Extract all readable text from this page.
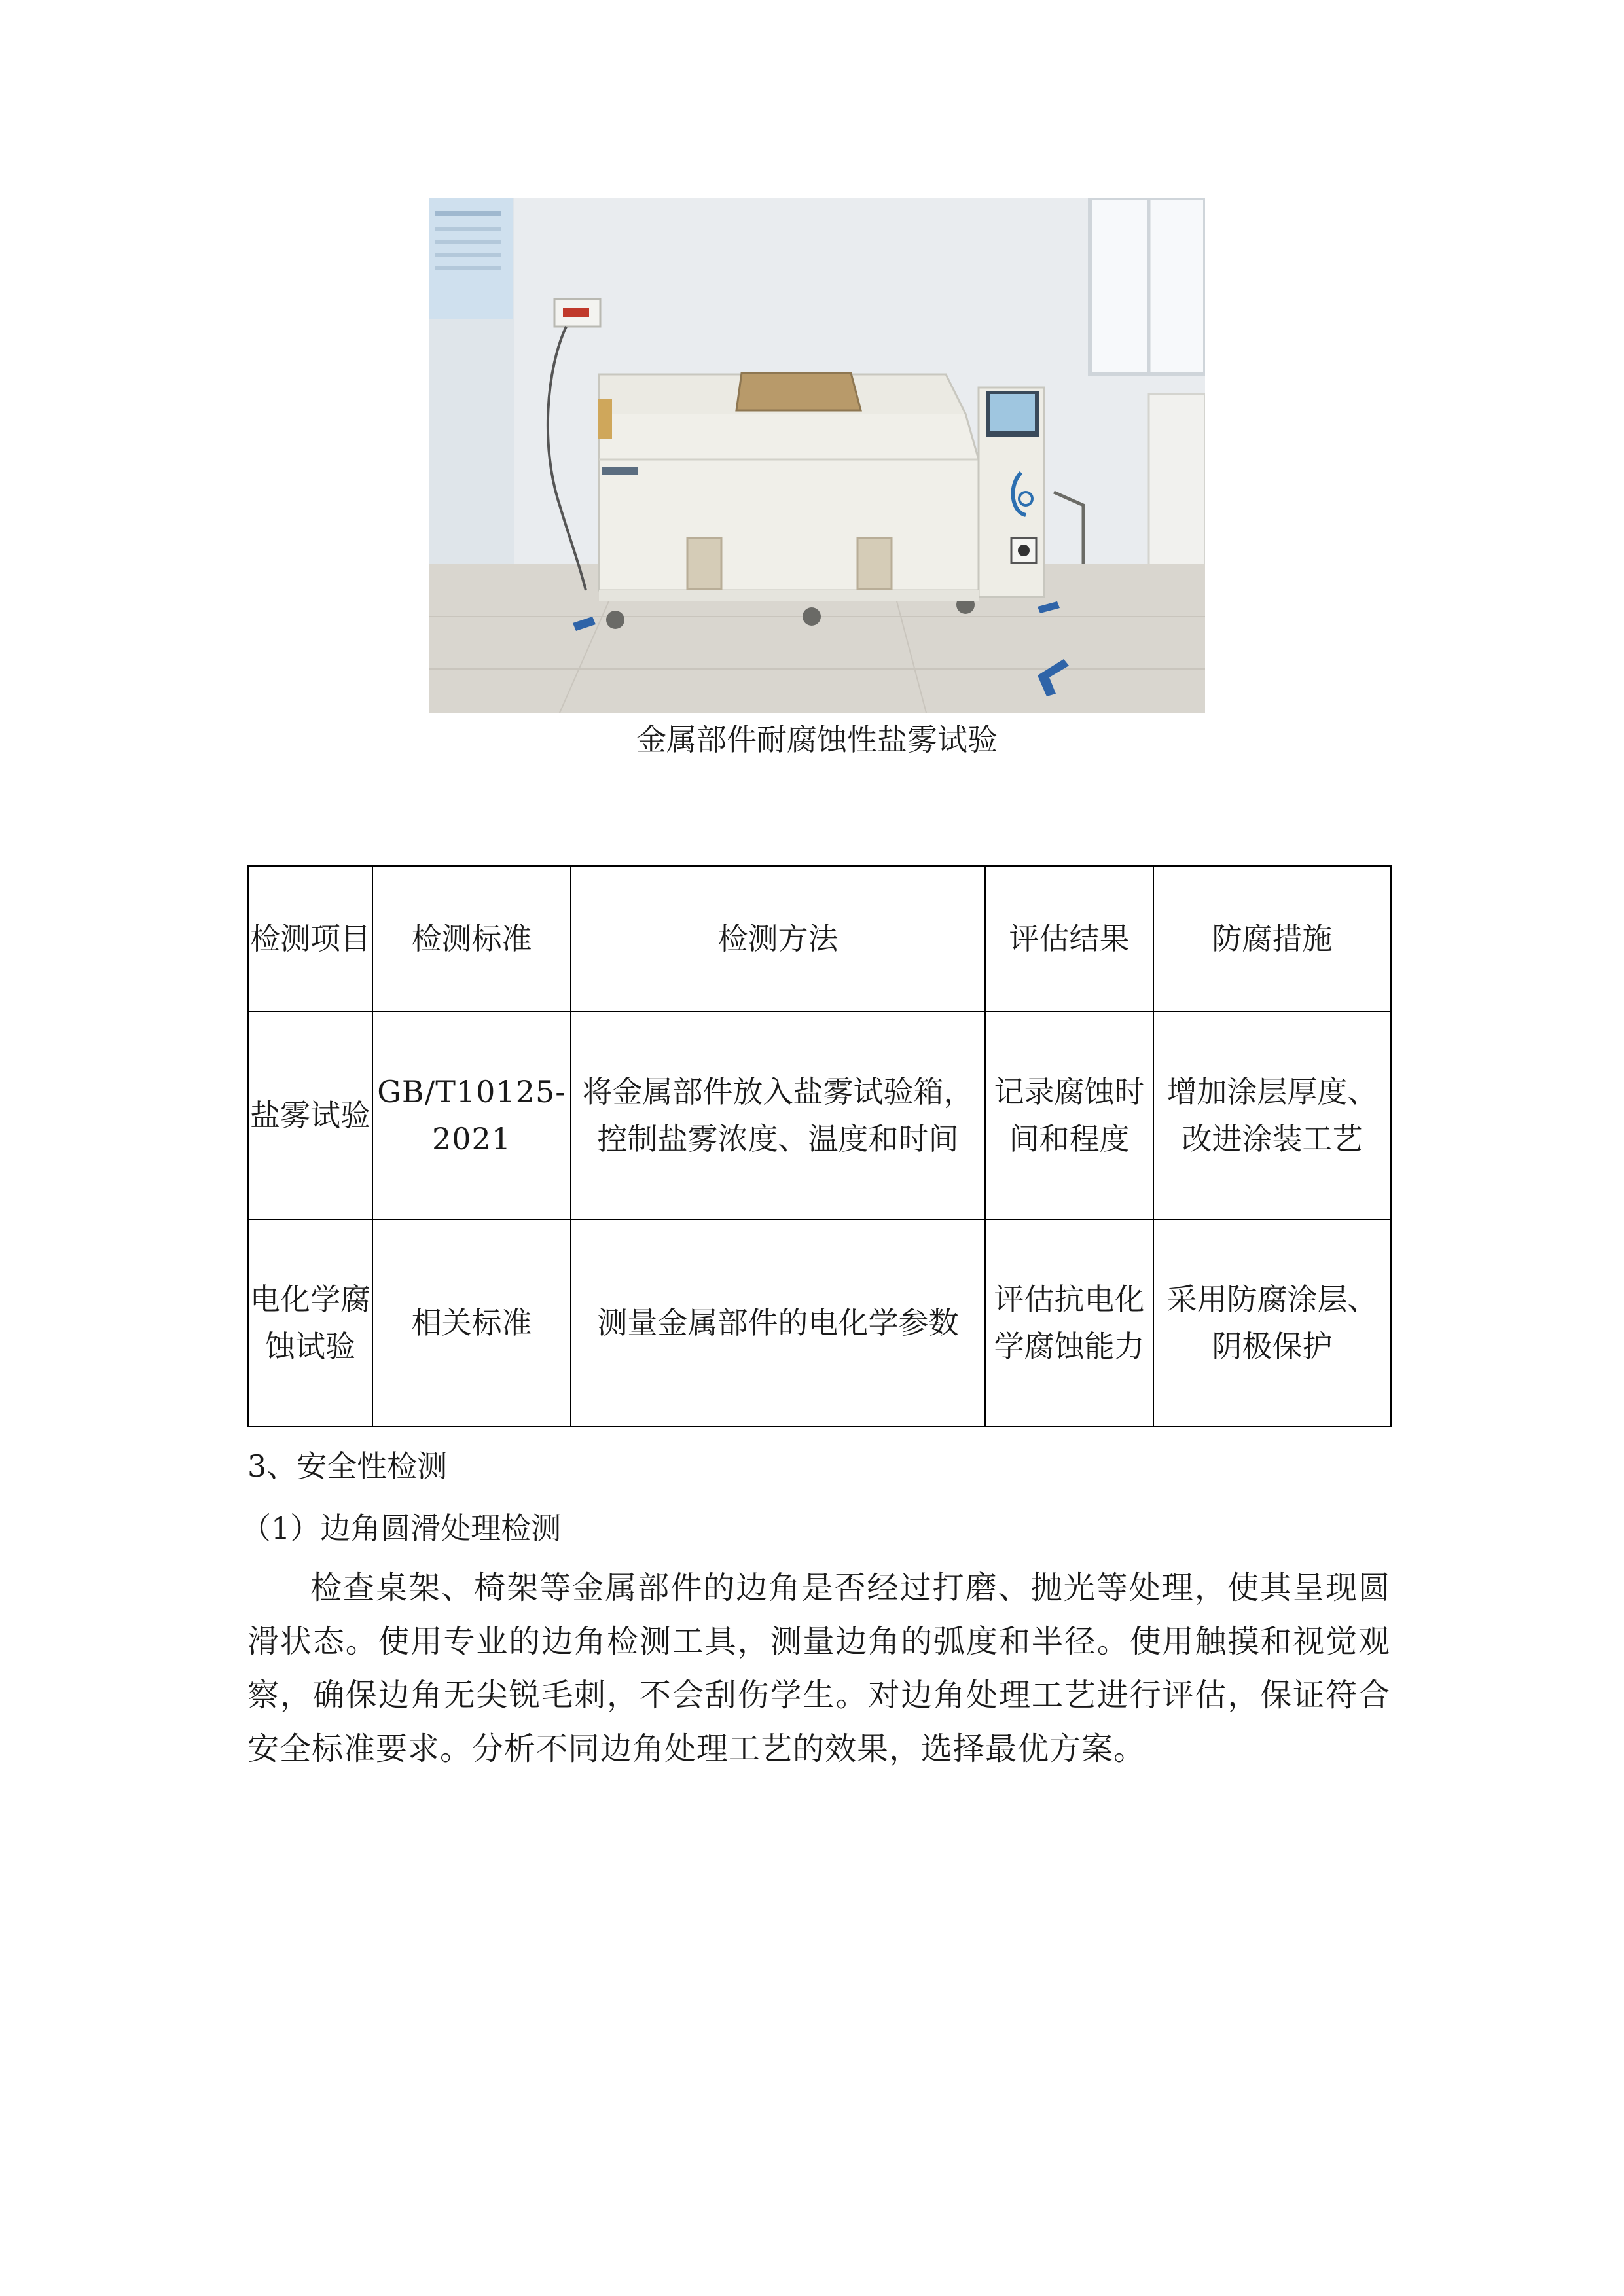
金属部件耐腐蚀性盐雾试验
检测项目	检测标准	检测方法	评估结果	防腐措施
盐雾试验	GB/T10125-2021	将金属部件放入盐雾试验箱，控制盐雾浓度、温度和时间	记录腐蚀时间和程度	增加涂层厚度、改进涂装工艺
电化学腐蚀试验	相关标准	测量金属部件的电化学参数	评估抗电化学腐蚀能力	采用防腐涂层、阴极保护
3、安全性检测
（1）边角圆滑处理检测
检查桌架、椅架等金属部件的边角是否经过打磨、抛光等处理，使其呈现圆滑状态。使用专业的边角检测工具，测量边角的弧度和半径。使用触摸和视觉观察，确保边角无尖锐毛刺，不会刮伤学生。对边角处理工艺进行评估，保证符合安全标准要求。分析不同边角处理工艺的效果，选择最优方案。
